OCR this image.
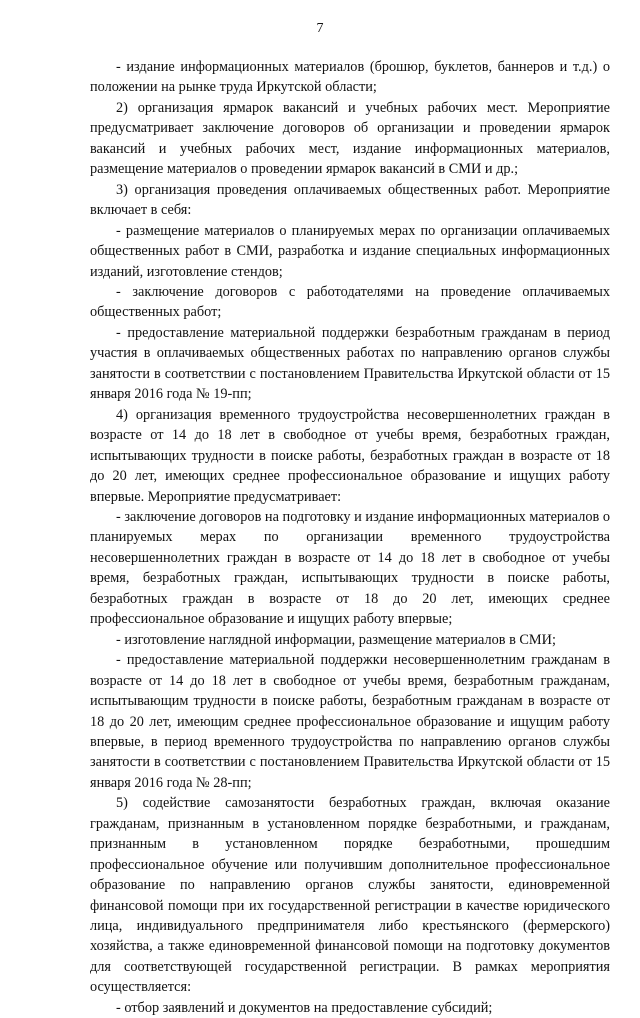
7

- издание информационных материалов (брошюр, буклетов, баннеров и т.д.) о положении на рынке труда Иркутской области;

2) организация ярмарок вакансий и учебных рабочих мест. Мероприятие предусматривает заключение договоров об организации и проведении ярмарок вакансий и учебных рабочих мест, издание информационных материалов, размещение материалов о проведении ярмарок вакансий в СМИ и др.;

3) организация проведения оплачиваемых общественных работ. Мероприятие включает в себя:

- размещение материалов о планируемых мерах по организации оплачиваемых общественных работ в СМИ, разработка и издание специальных информационных изданий, изготовление стендов;

- заключение договоров с работодателями на проведение оплачиваемых общественных работ;

- предоставление материальной поддержки безработным гражданам в период участия в оплачиваемых общественных работах по направлению органов службы занятости в соответствии с постановлением Правительства Иркутской области от 15 января 2016 года № 19-пп;

4) организация временного трудоустройства несовершеннолетних граждан в возрасте от 14 до 18 лет в свободное от учебы время, безработных граждан, испытывающих трудности в поиске работы, безработных граждан в возрасте от 18 до 20 лет, имеющих среднее профессиональное образование и ищущих работу впервые. Мероприятие предусматривает:

- заключение договоров на подготовку и издание информационных материалов о планируемых мерах по организации временного трудоустройства несовершеннолетних граждан в возрасте от 14 до 18 лет в свободное от учебы время, безработных граждан, испытывающих трудности в поиске работы, безработных граждан в возрасте от 18 до 20 лет, имеющих среднее профессиональное образование и ищущих работу впервые;

- изготовление наглядной информации, размещение материалов в СМИ;

- предоставление материальной поддержки несовершеннолетним гражданам в возрасте от 14 до 18 лет в свободное от учебы время, безработным гражданам, испытывающим трудности в поиске работы, безработным гражданам в возрасте от 18 до 20 лет, имеющим среднее профессиональное образование и ищущим работу впервые, в период временного трудоустройства по направлению органов службы занятости в соответствии с постановлением Правительства Иркутской области от 15 января 2016 года № 28-пп;

5) содействие самозанятости безработных граждан, включая оказание гражданам, признанным в установленном порядке безработными, и гражданам, признанным в установленном порядке безработными, прошедшим профессиональное обучение или получившим дополнительное профессиональное образование по направлению органов службы занятости, единовременной финансовой помощи при их государственной регистрации в качестве юридического лица, индивидуального предпринимателя либо крестьянского (фермерского) хозяйства, а также единовременной финансовой помощи на подготовку документов для соответствующей государственной регистрации. В рамках мероприятия осуществляется:

- отбор заявлений и документов на предоставление субсидий;
